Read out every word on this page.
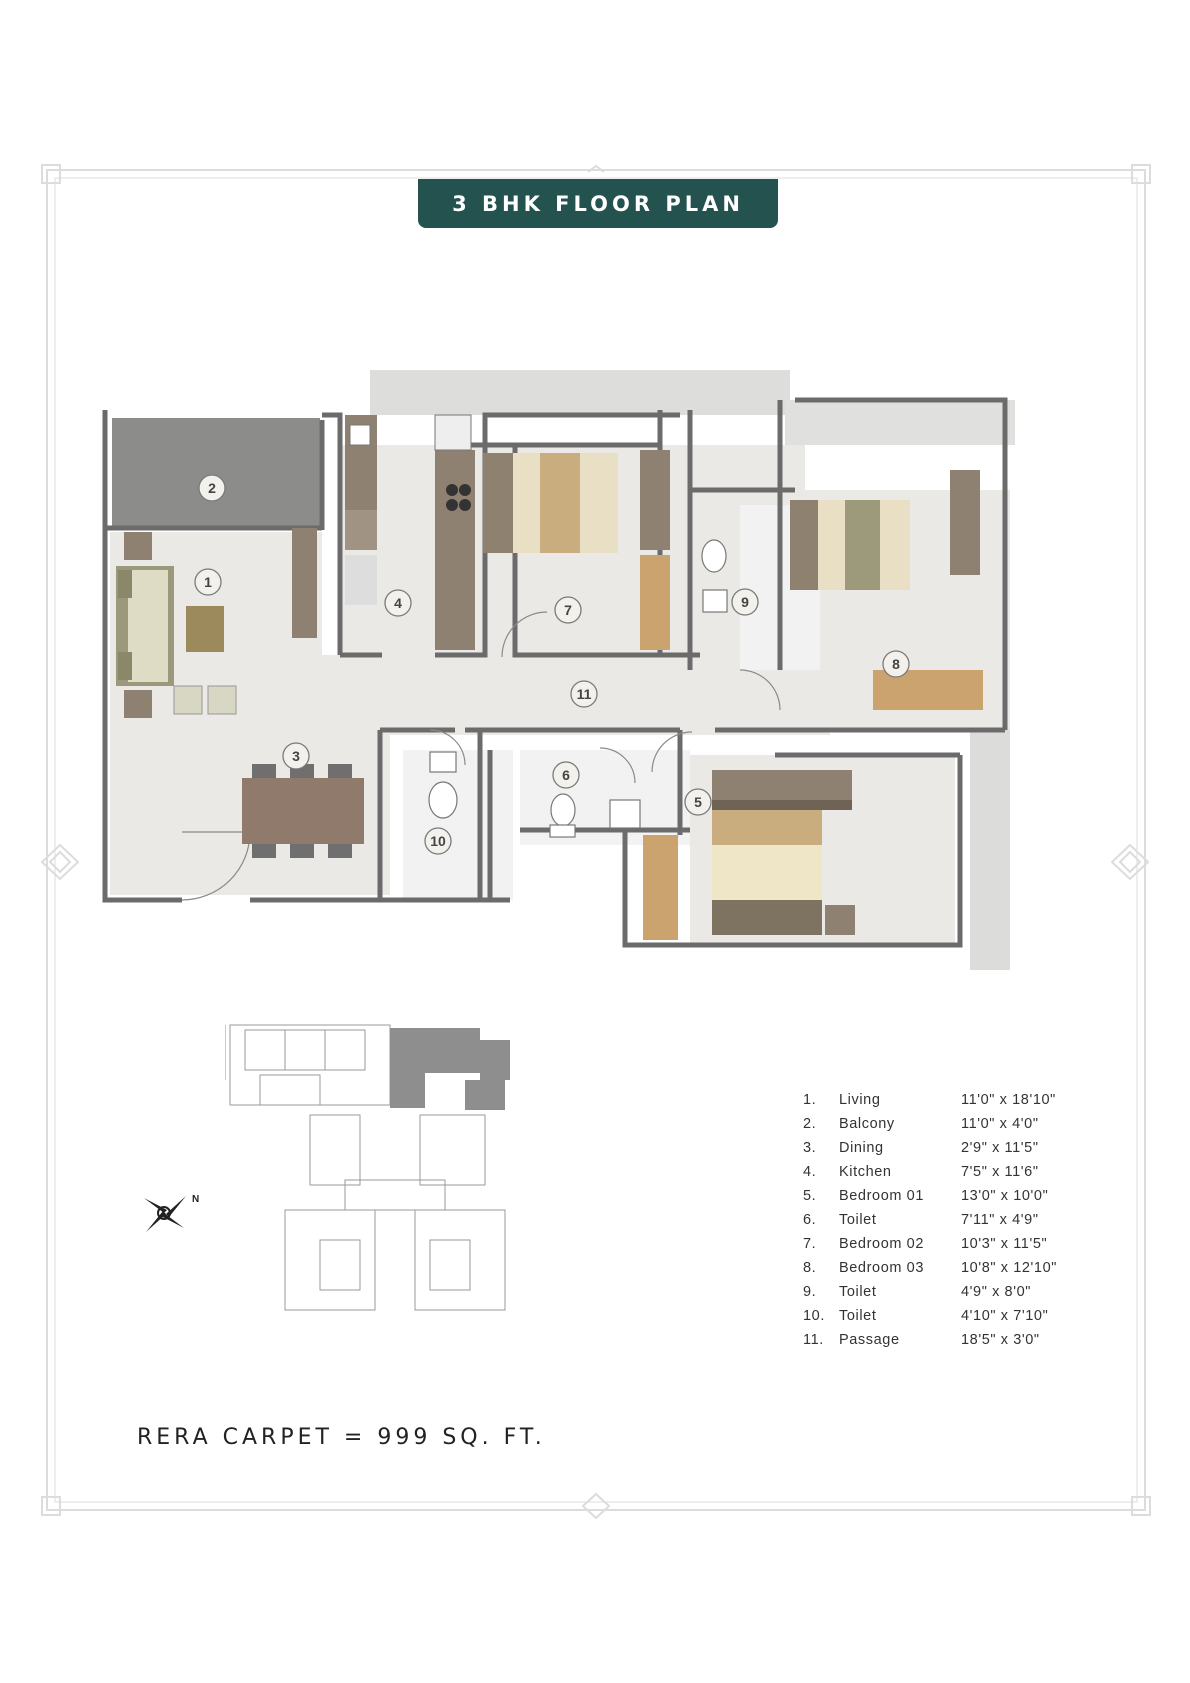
3 BHK FLOOR PLAN
1
2
3
4
5
6
7
8
9
10
11
N
1. Living	11'0" x 18'10"
2. Balcony	11'0" x 4'0"
3. Dining	2'9" x 11'5"
4. Kitchen	7'5" x 11'6"
5. Bedroom 01	13'0" x 10'0"
6. Toilet	7'11" x 4'9"
7. Bedroom 02	10'3" x 11'5"
8. Bedroom 03	10'8" x 12'10"
9. Toilet	4'9" x 8'0"
10. Toilet	4'10" x 7'10"
11. Passage	18'5" x 3'0"
RERA CARPET = 999 SQ. FT.
